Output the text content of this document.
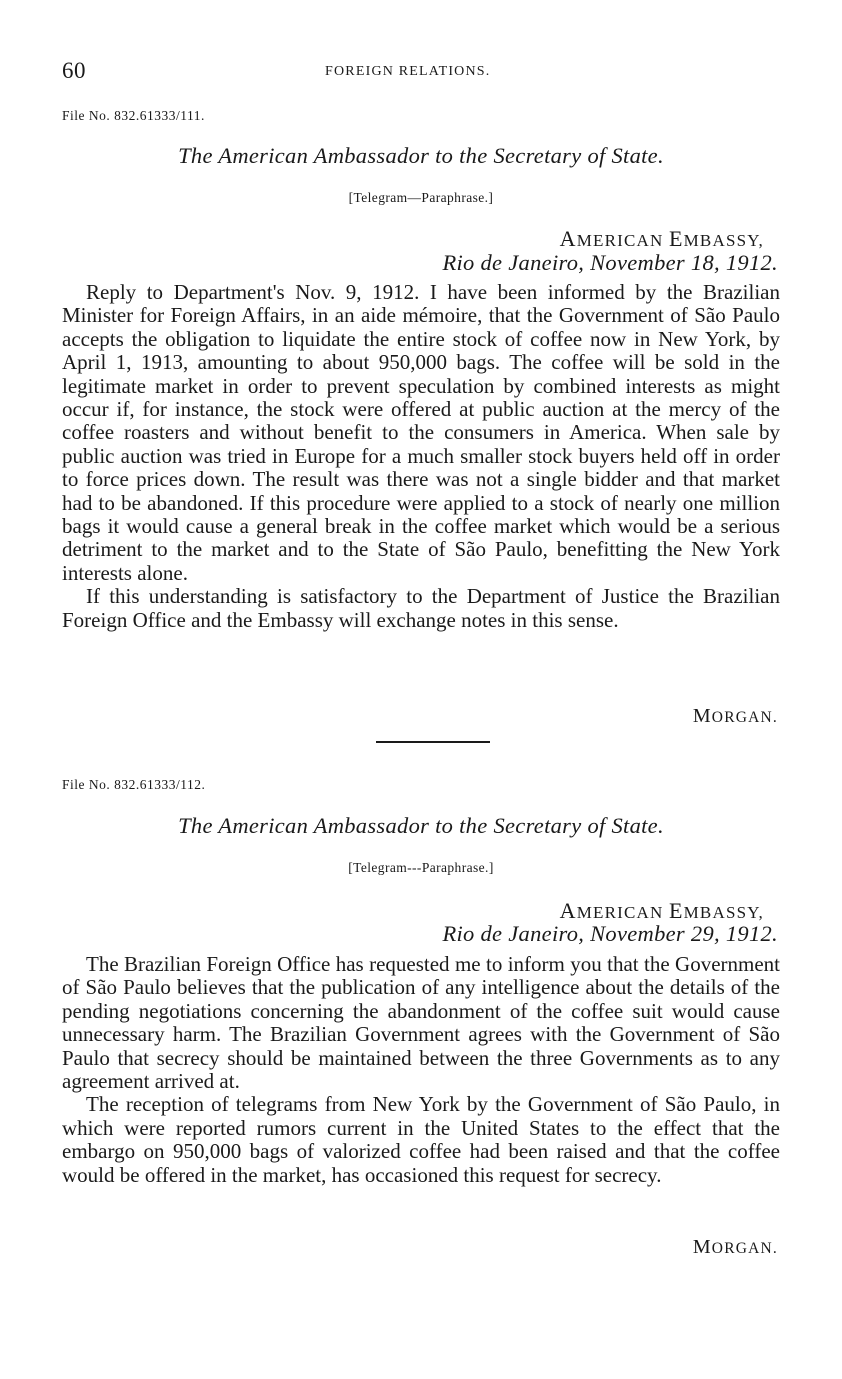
60	FOREIGN RELATIONS.
File No. 832.61333/111.
The American Ambassador to the Secretary of State.
[Telegram—Paraphrase.]
AMERICAN EMBASSY,
Rio de Janeiro, November 18, 1912.

Reply to Department's Nov. 9, 1912. I have been informed by the Brazilian Minister for Foreign Affairs, in an aide mémoire, that the Government of São Paulo accepts the obligation to liquidate the entire stock of coffee now in New York, by April 1, 1913, amounting to about 950,000 bags. The coffee will be sold in the legitimate market in order to prevent speculation by combined interests as might occur if, for instance, the stock were offered at public auction at the mercy of the coffee roasters and without benefit to the consumers in America. When sale by public auction was tried in Europe for a much smaller stock buyers held off in order to force prices down. The result was there was not a single bidder and that market had to be abandoned. If this procedure were applied to a stock of nearly one million bags it would cause a general break in the coffee market which would be a serious detriment to the market and to the State of São Paulo, benefitting the New York interests alone.

If this understanding is satisfactory to the Department of Justice the Brazilian Foreign Office and the Embassy will exchange notes in this sense.

MORGAN.
File No. 832.61333/112.
The American Ambassador to the Secretary of State.
[Telegram---Paraphrase.]
AMERICAN EMBASSY,
Rio de Janeiro, November 29, 1912.

The Brazilian Foreign Office has requested me to inform you that the Government of São Paulo believes that the publication of any intelligence about the details of the pending negotiations concerning the abandonment of the coffee suit would cause unnecessary harm. The Brazilian Government agrees with the Government of São Paulo that secrecy should be maintained between the three Governments as to any agreement arrived at.

The reception of telegrams from New York by the Government of São Paulo, in which were reported rumors current in the United States to the effect that the embargo on 950,000 bags of valorized coffee had been raised and that the coffee would be offered in the market, has occasioned this request for secrecy.

MORGAN.
